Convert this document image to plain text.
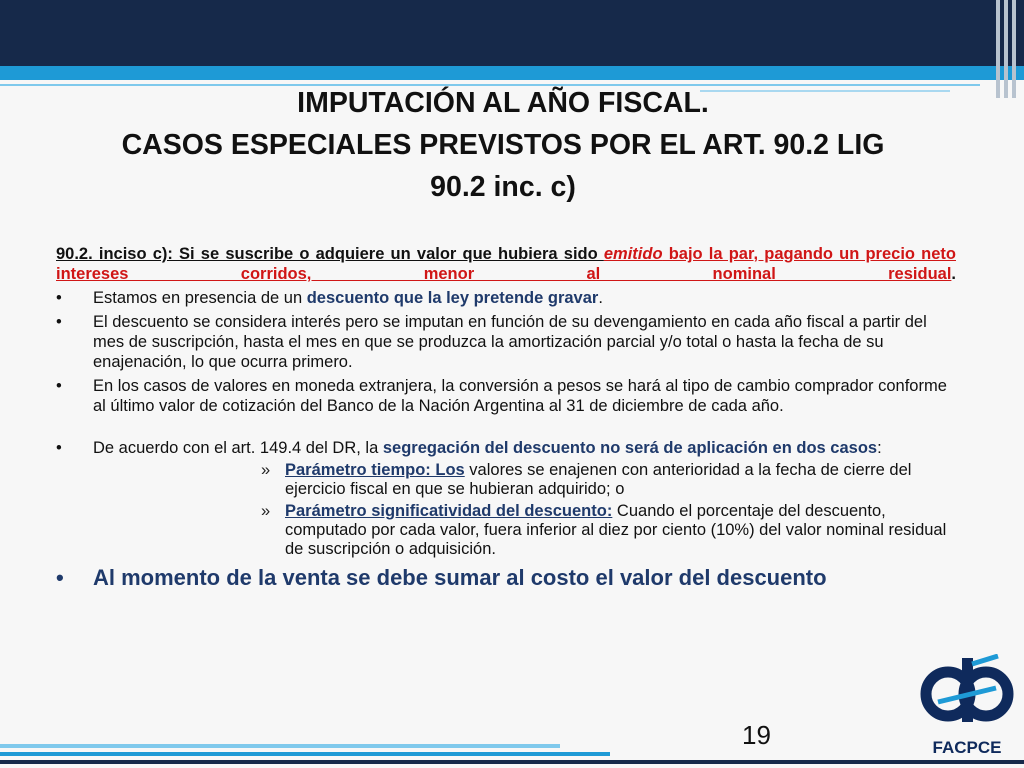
IMPUTACIÓN AL AÑO FISCAL.
CASOS ESPECIALES PREVISTOS POR EL ART. 90.2 LIG
90.2 inc. c)
90.2. inciso c): Si se suscribe o adquiere un valor que hubiera sido emitido bajo la par, pagando un precio neto intereses corridos, menor al nominal residual.
• Estamos en presencia de un descuento que la ley pretende gravar.
• El descuento se considera interés pero se imputan en función de su devengamiento en cada año fiscal a partir del mes de suscripción, hasta el mes en que se produzca la amortización parcial y/o total o hasta la fecha de su enajenación, lo que ocurra primero.
• En los casos de valores en moneda extranjera, la conversión a pesos se hará al tipo de cambio comprador conforme al último valor de cotización del Banco de la Nación Argentina al 31 de diciembre de cada año.
• De acuerdo con el art. 149.4 del DR, la segregación del descuento no será de aplicación en dos casos:
» Parámetro tiempo: Los valores se enajenen con anterioridad a la fecha de cierre del ejercicio fiscal en que se hubieran adquirido; o
» Parámetro significatividad del descuento: Cuando el porcentaje del descuento, computado por cada valor, fuera inferior al diez por ciento (10%) del valor nominal residual de suscripción o adquisición.
• Al momento de la venta se debe sumar al costo el valor del descuento
19	FACPCE
